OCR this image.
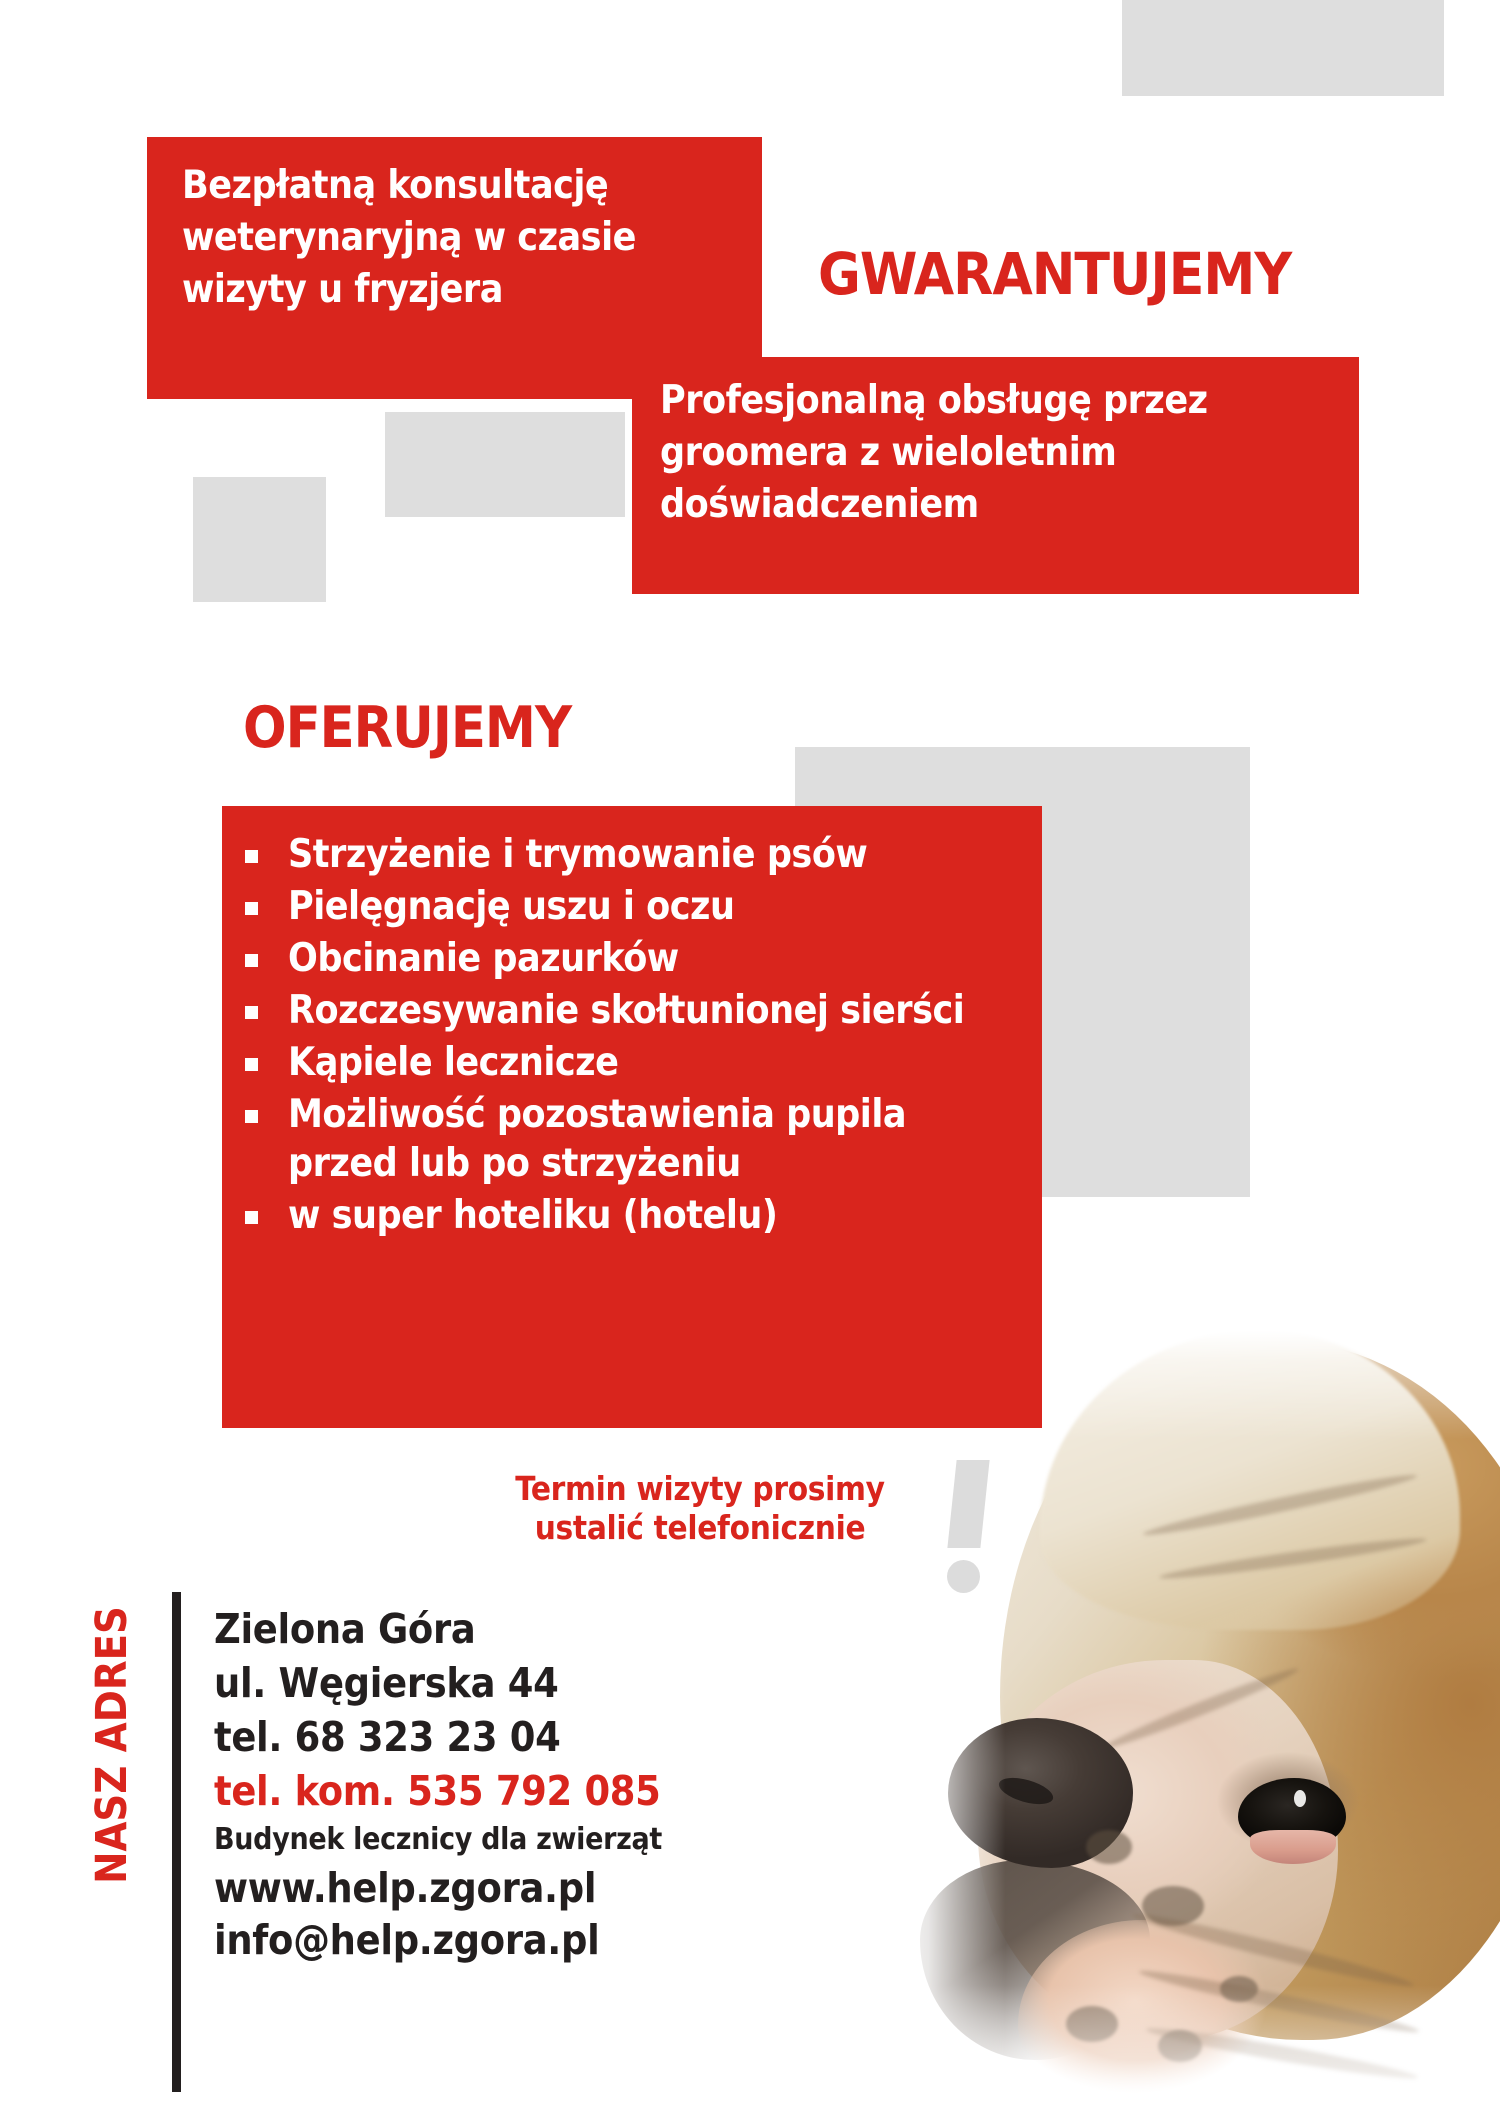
Bezpłatną konsultację weterynaryjną w czasie wizyty u fryzjera	GWARANTUJEMY
Profesjonalną obsługę przez groomera z wieloletnim doświadczeniem
OFERUJEMY
Strzyżenie i trymowanie psów
Pielęgnację uszu i oczu
Obcinanie pazurków
Rozczesywanie skołtunionej sierści
Kąpiele lecznicze
Możliwość pozostawienia pupila przed lub po strzyżeniu
w super hoteliku (hotelu)
Termin wizyty prosimy
ustalić telefonicznie
NASZ ADRES Zielona Góra
ul. Węgierska 44
tel. 68 323 23 04
tel. kom. 535 792 085
Budynek lecznicy dla zwierząt
www.help.zgora.pl
info@help.zgora.pl
